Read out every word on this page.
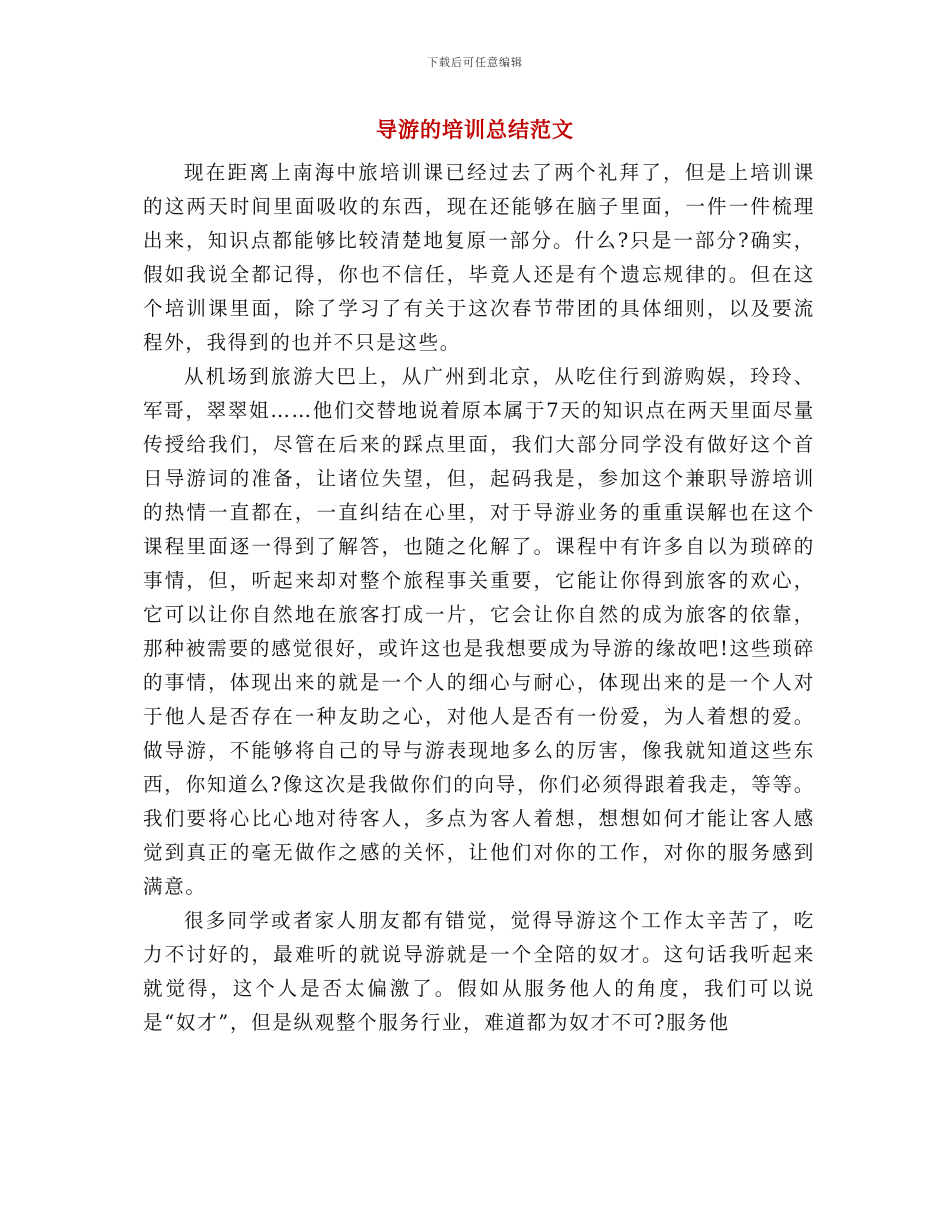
下载后可任意编辑
导游的培训总结范文

现在距离上南海中旅培训课已经过去了两个礼拜了，但是上培训课的这两天时间里面吸收的东西，现在还能够在脑子里面，一件一件梳理出来，知识点都能够比较清楚地复原一部分。什么?只是一部分?确实，假如我说全都记得，你也不信任，毕竟人还是有个遗忘规律的。但在这个培训课里面，除了学习了有关于这次春节带团的具体细则，以及要流程外，我得到的也并不只是这些。

从机场到旅游大巴上，从广州到北京，从吃住行到游购娱，玲玲、军哥，翠翠姐……他们交替地说着原本属于7天的知识点在两天里面尽量传授给我们，尽管在后来的踩点里面，我们大部分同学没有做好这个首日导游词的准备，让诸位失望，但，起码我是，参加这个兼职导游培训的热情一直都在，一直纠结在心里，对于导游业务的重重误解也在这个课程里面逐一得到了解答，也随之化解了。课程中有许多自以为琐碎的事情，但，听起来却对整个旅程事关重要，它能让你得到旅客的欢心，它可以让你自然地在旅客打成一片，它会让你自然的成为旅客的依靠，那种被需要的感觉很好，或许这也是我想要成为导游的缘故吧!这些琐碎的事情，体现出来的就是一个人的细心与耐心，体现出来的是一个人对于他人是否存在一种友助之心，对他人是否有一份爱，为人着想的爱。做导游，不能够将自己的导与游表现地多么的厉害，像我就知道这些东西，你知道么?像这次是我做你们的向导，你们必须得跟着我走，等等。我们要将心比心地对待客人，多点为客人着想，想想如何才能让客人感觉到真正的毫无做作之感的关怀，让他们对你的工作，对你的服务感到满意。

很多同学或者家人朋友都有错觉，觉得导游这个工作太辛苦了，吃力不讨好的，最难听的就说导游就是一个全陪的奴才。这句话我听起来就觉得，这个人是否太偏激了。假如从服务他人的角度，我们可以说是“奴才”，但是纵观整个服务行业，难道都为奴才不可?服务他
